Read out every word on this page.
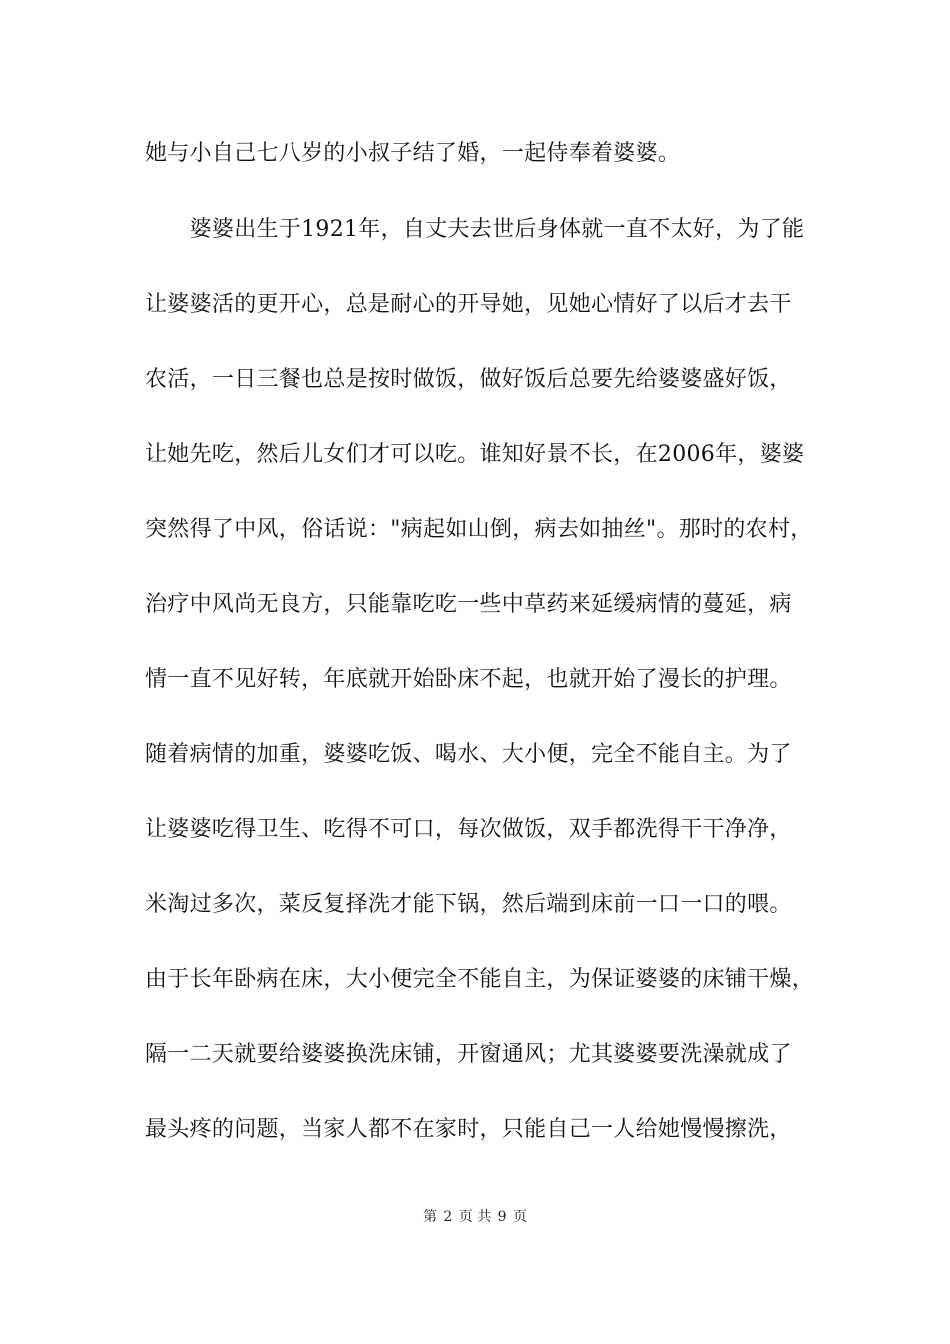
她与小自己七八岁的小叔子结了婚，一起侍奉着婆婆。
　　婆婆出生于1921年，自丈夫去世后身体就一直不太好，为了能
让婆婆活的更开心，总是耐心的开导她，见她心情好了以后才去干
农活，一日三餐也总是按时做饭，做好饭后总要先给婆婆盛好饭，
让她先吃，然后儿女们才可以吃。谁知好景不长，在2006年，婆婆
突然得了中风，俗话说："病起如山倒，病去如抽丝"。那时的农村，
治疗中风尚无良方，只能靠吃吃一些中草药来延缓病情的蔓延，病
情一直不见好转，年底就开始卧床不起，也就开始了漫长的护理。
随着病情的加重，婆婆吃饭、喝水、大小便，完全不能自主。为了
让婆婆吃得卫生、吃得不可口，每次做饭，双手都洗得干干净净，
米淘过多次，菜反复择洗才能下锅，然后端到床前一口一口的喂。
由于长年卧病在床，大小便完全不能自主，为保证婆婆的床铺干燥，
隔一二天就要给婆婆换洗床铺，开窗通风；尤其婆婆要洗澡就成了
最头疼的问题，当家人都不在家时，只能自己一人给她慢慢擦洗，
第 2 页 共 9 页
